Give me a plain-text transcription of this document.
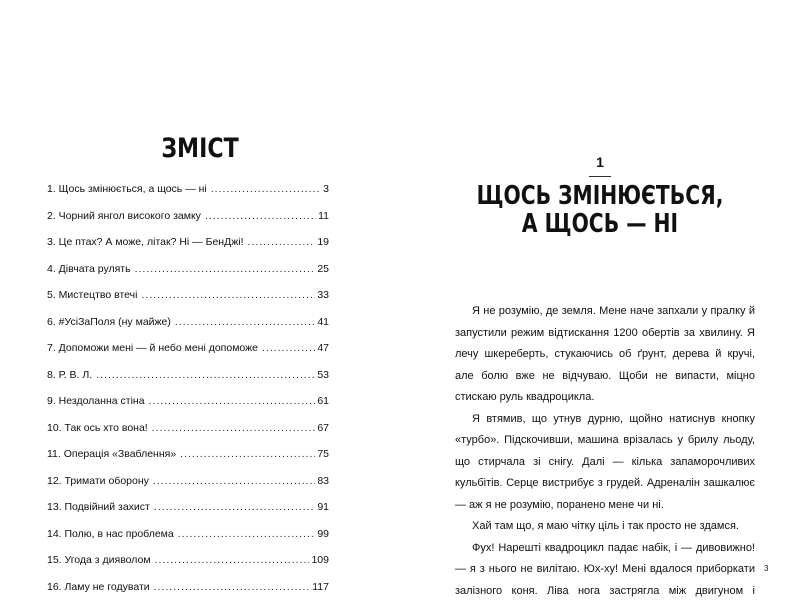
ЗМІСТ
1. Щось змінюється, а щось — ні .....	3
2. Чорний янгол високого замку .....	11
3. Це птах? А може, літак? Ні — БенДжі! .....	19
4. Дівчата рулять .....	25
5. Мистецтво втечі .....	33
6. #УсіЗаПоля (ну майже) .....	41
7. Допоможи мені — й небо мені допоможе .....	47
8. Р. В. Л. .....	53
9. Нездоланна стіна .....	61
10. Так ось хто вона! .....	67
11. Операція «Зваблення» .....	75
12. Тримати оборону .....	83
13. Подвійний захист .....	91
14. Полю, в нас проблема .....	99
15. Угода з дияволом .....	109
16. Ламу не годувати .....	117
1
ЩОСЬ ЗМІНЮЄТЬСЯ,
А ЩОСЬ — НІ

Я не розумію, де земля. Мене наче запхали у пралку й запустили режим відтискання 1200 обертів за хвилину. Я лечу шкереберть, стукаючись об ґрунт, дерева й кручі, але болю вже не відчуваю. Щоби не випасти, міцно стискаю руль квадроцикла.

Я втямив, що утнув дурню, щойно натиснув кнопку «турбо». Підскочивши, машина врізалась у брилу льоду, що стирчала зі снігу. Далі — кілька запаморочливих кульбітів. Серце вистрибує з грудей. Адреналін зашкалює — аж я не розумію, поранено мене чи ні.

Хай там що, я маю чітку ціль і так просто не здамся.

Фух! Нарешті квадроцикл падає набік, і — дивовижно! — я з нього не вилітаю. Юх-ху! Мені вдалося приборкати залізного коня. Ліва нога застрягла між двигуном і

3
